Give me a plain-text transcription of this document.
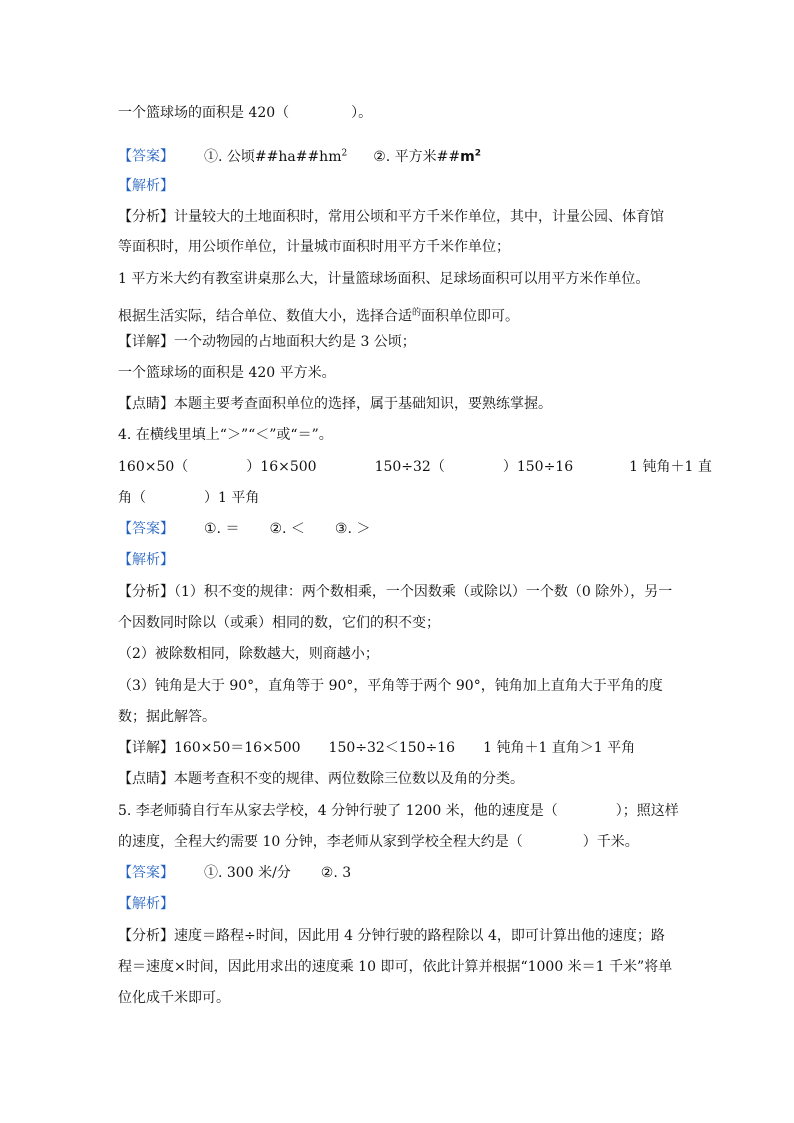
一个篮球场的面积是 420（	）。
【答案】 ①. 公顷$\#\#ha\#\#hm^2$ ②. 平方米$\#\#m^2$
【解析】
【分析】计量较大的土地面积时，常用公顷和平方千米作单位，其中，计量公园、体育馆
等面积时，用公顷作单位，计量城市面积时用平方千米作单位；
1 平方米大约有教室讲桌那么大，计量篮球场面积、足球场面积可以用平方米作单位。
根据生活实际，结合单位、数值大小，选择合适$^的$面积单位即可。
【详解】一个动物园的占地面积大约是 3 公顷；
一个篮球场的面积是 420 平方米。
【点睛】本题主要考查面积单位的选择，属于基础知识，要熟练掌握。
4. 在横线里填上“＞”“＜”或“＝”。
160×50（	）16×500	150÷32（	）150÷16	1 钝角＋1 直
角（	）1 平角
【答案】 ①. ＝ ②. ＜ ③. ＞
【解析】
【分析】（1）积不变的规律：两个数相乘，一个因数乘（或除以）一个数（0 除外），另一
个因数同时除以（或乘）相同的数，它们的积不变；
（2）被除数相同，除数越大，则商越小；
（3）钝角是大于 90°，直角等于 90°，平角等于两个 90°，钝角加上直角大于平角的度
数；据此解答。
【详解】160×50＝16×500 150÷32＜150÷16 1 钝角＋1 直角＞1 平角
【点睛】本题考查积不变的规律、两位数除三位数以及角的分类。
5. 李老师骑自行车从家去学校，4 分钟行驶了 1200 米，他的速度是（	）；照这样
的速度，全程大约需要 10 分钟，李老师从家到学校全程大约是（	）千米。
【答案】 ①. 300 米/分 ②. 3
【解析】
【分析】速度＝路程÷时间，因此用 4 分钟行驶的路程除以 4，即可计算出他的速度；路
程＝速度×时间，因此用求出的速度乘 10 即可，依此计算并根据“1000 米＝1 千米”将单
位化成千米即可。
